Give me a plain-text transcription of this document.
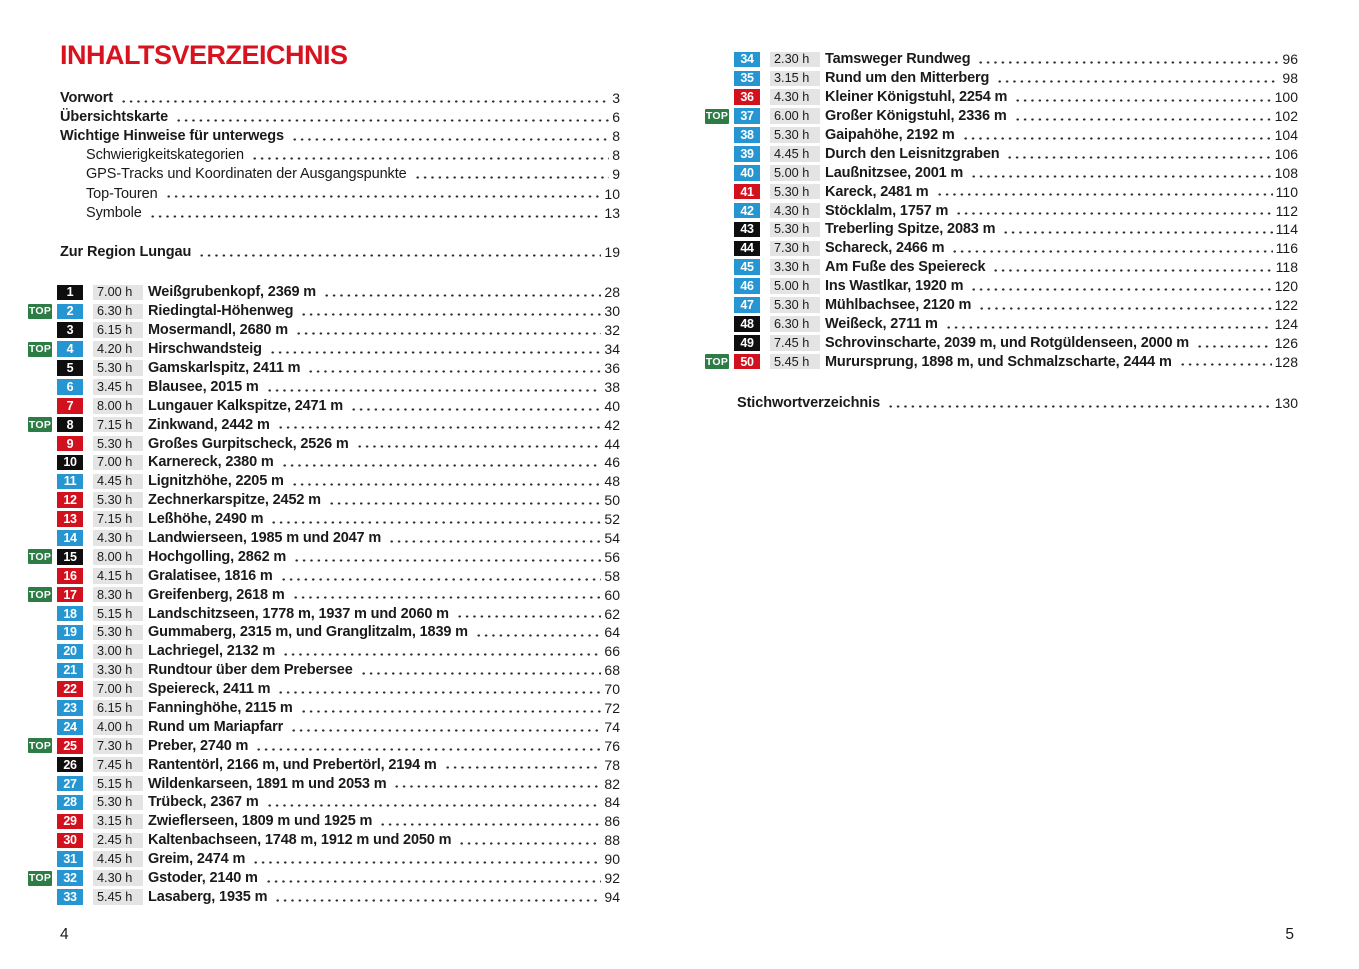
INHALTSVERZEICHNIS
Vorwort	3
Übersichtskarte	6
Wichtige Hinweise für unterwegs	8
Schwierigkeitskategorien	8
GPS-Tracks und Koordinaten der Ausgangspunkte	9
Top-Touren	10
Symbole	13
Zur Region Lungau	19
1	7.00 h	Weißgrubenkopf, 2369 m	28
TOP	2	6.30 h	Riedingtal-Höhenweg	30
3	6.15 h	Mosermandl, 2680 m	32
TOP	4	4.20 h	Hirschwandsteig	34
5	5.30 h	Gamskarlspitz, 2411 m	36
6	3.45 h	Blausee, 2015 m	38
7	8.00 h	Lungauer Kalkspitze, 2471 m	40
TOP	8	7.15 h	Zinkwand, 2442 m	42
9	5.30 h	Großes Gurpitscheck, 2526 m	44
10	7.00 h	Karnereck, 2380 m	46
11	4.45 h	Lignitzhöhe, 2205 m	48
12	5.30 h	Zechnerkarspitze, 2452 m	50
13	7.15 h	Leßhöhe, 2490 m	52
14	4.30 h	Landwierseen, 1985 m und 2047 m	54
TOP 15	8.00 h	Hochgolling, 2862 m	56
16	4.15 h	Gralatisee, 1816 m	58
TOP 17	8.30 h	Greifenberg, 2618 m	60
18	5.15 h	Landschitzseen, 1778 m, 1937 m und 2060 m	62
19	5.30 h	Gummaberg, 2315 m, und Granglitzalm, 1839 m	64
20	3.00 h	Lachriegel, 2132 m	66
21	3.30 h	Rundtour über dem Prebersee	68
22	7.00 h	Speiereck, 2411 m	70
23	6.15 h	Fanninghöhe, 2115 m	72
24	4.00 h	Rund um Mariapfarr	74
TOP 25	7.30 h	Preber, 2740 m	76
26	7.45 h	Rantentörl, 2166 m, und Prebertörl, 2194 m	78
27	5.15 h	Wildenkarseen, 1891 m und 2053 m	82
28	5.30 h	Trübeck, 2367 m	84
29	3.15 h	Zwieflerseen, 1809 m und 1925 m	86
30	2.45 h	Kaltenbachseen, 1748 m, 1912 m und 2050 m	88
31	4.45 h	Greim, 2474 m	90
TOP 32	4.30 h	Gstoder, 2140 m	92
33	5.45 h	Lasaberg, 1935 m	94
4
34	2.30 h	Tamsweger Rundweg	96
35	3.15 h	Rund um den Mitterberg	98
36	4.30 h	Kleiner Königstuhl, 2254 m	100
TOP 37	6.00 h	Großer Königstuhl, 2336 m	102
38	5.30 h	Gaipahöhe, 2192 m	104
39	4.45 h	Durch den Leisnitzgraben	106
40	5.00 h	Laußnitzsee, 2001 m	108
41	5.30 h	Kareck, 2481 m	110
42	4.30 h	Stöcklalm, 1757 m	112
43	5.30 h	Treberling Spitze, 2083 m	114
44	7.30 h	Schareck, 2466 m	116
45	3.30 h	Am Fuße des Speiereck	118
46	5.00 h	Ins Wastlkar, 1920 m	120
47	5.30 h	Mühlbachsee, 2120 m	122
48	6.30 h	Weißeck, 2711 m	124
49	7.45 h	Schrovinscharte, 2039 m, und Rotgüldenseen, 2000 m	126
TOP 50	5.45 h	Murursprung, 1898 m, und Schmalzscharte, 2444 m	128
Stichwortverzeichnis	130
5
